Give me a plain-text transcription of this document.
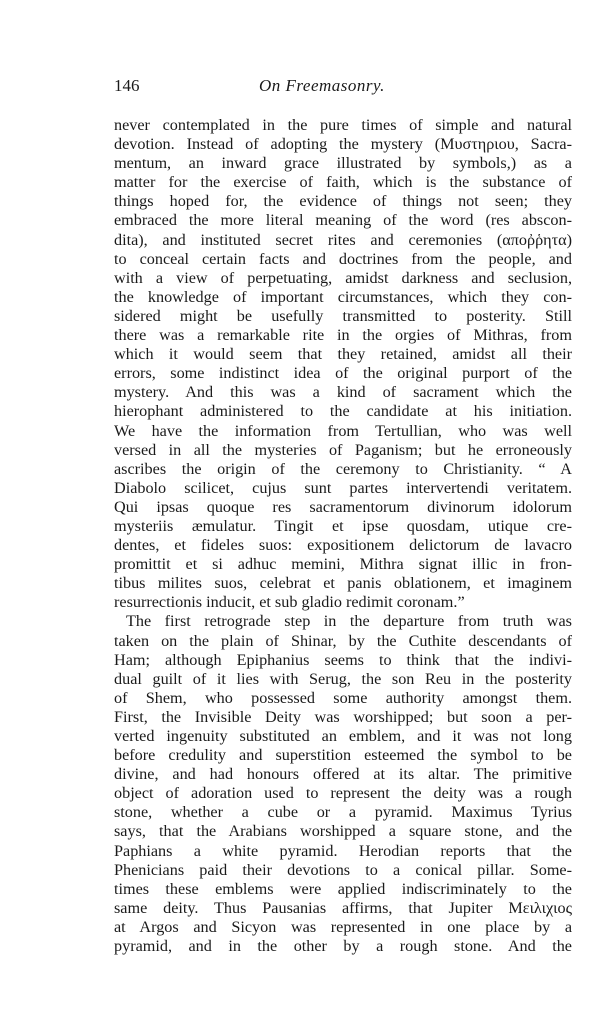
146	On Freemasonry.
never contemplated in the pure times of simple and natural
devotion. Instead of adopting the mystery (Μυστηριου, Sacra-
mentum, an inward grace illustrated by symbols,) as a
matter for the exercise of faith, which is the substance of
things hoped for, the evidence of things not seen; they
embraced the more literal meaning of the word (res abscon-
dita), and instituted secret rites and ceremonies (αποῤῥητα)
to conceal certain facts and doctrines from the people, and
with a view of perpetuating, amidst darkness and seclusion,
the knowledge of important circumstances, which they con-
sidered might be usefully transmitted to posterity. Still
there was a remarkable rite in the orgies of Mithras, from
which it would seem that they retained, amidst all their
errors, some indistinct idea of the original purport of the
mystery. And this was a kind of sacrament which the
hierophant administered to the candidate at his initiation.
We have the information from Tertullian, who was well
versed in all the mysteries of Paganism; but he erroneously
ascribes the origin of the ceremony to Christianity. “ A
Diabolo scilicet, cujus sunt partes intervertendi veritatem.
Qui ipsas quoque res sacramentorum divinorum idolorum
mysteriis æmulatur. Tingit et ipse quosdam, utique cre-
dentes, et fideles suos: expositionem delictorum de lavacro
promittit et si adhuc memini, Mithra signat illic in fron-
tibus milites suos, celebrat et panis oblationem, et imaginem
resurrectionis inducit, et sub gladio redimit coronam.”
The first retrograde step in the departure from truth was
taken on the plain of Shinar, by the Cuthite descendants of
Ham; although Epiphanius seems to think that the indivi-
dual guilt of it lies with Serug, the son Reu in the posterity
of Shem, who possessed some authority amongst them.
First, the Invisible Deity was worshipped; but soon a per-
verted ingenuity substituted an emblem, and it was not long
before credulity and superstition esteemed the symbol to be
divine, and had honours offered at its altar. The primitive
object of adoration used to represent the deity was a rough
stone, whether a cube or a pyramid. Maximus Tyrius
says, that the Arabians worshipped a square stone, and the
Paphians a white pyramid. Herodian reports that the
Phenicians paid their devotions to a conical pillar. Some-
times these emblems were applied indiscriminately to the
same deity. Thus Pausanias affirms, that Jupiter Μειλιχιος
at Argos and Sicyon was represented in one place by a
pyramid, and in the other by a rough stone. And the
